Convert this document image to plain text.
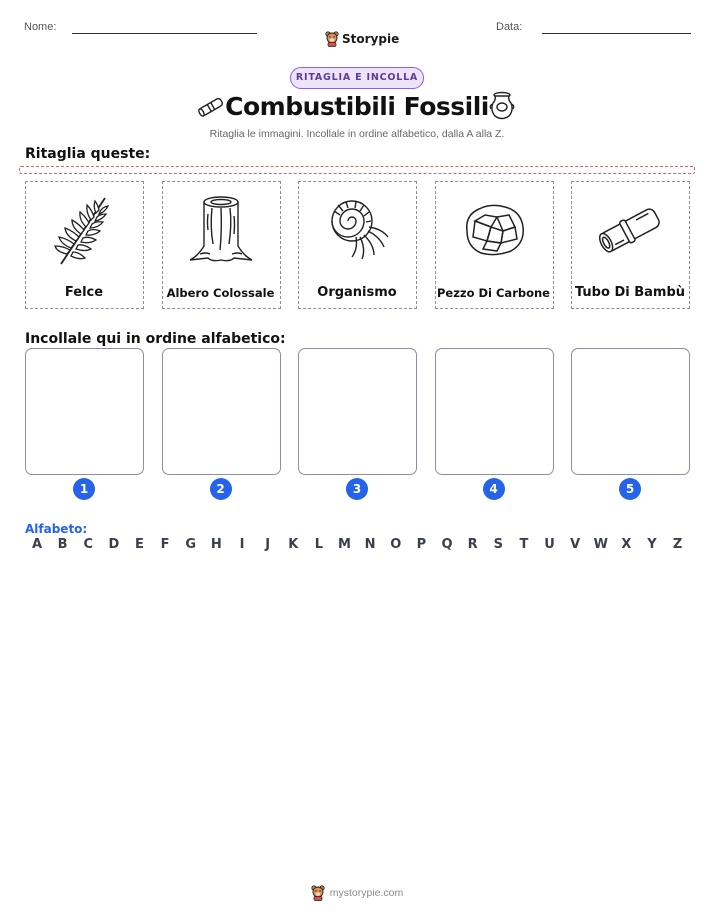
Nome:
Storypie
Data:
RITAGLIA E INCOLLA
Combustibili Fossili
Ritaglia le immagini. Incollale in ordine alfabetico, dalla A alla Z.
Ritaglia queste:
Felce	Albero Colossale	Organismo	Pezzo Di Carbone Tubo Di Bambù
Incollale qui in ordine alfabetico:
1	2	3	4	5
Alfabeto:
A	B	C	D	E	F	G	H	I	J	K	L	M	N	O	P	Q	R	S	T	U	V	W	X	Y	Z
mystorypie.com
